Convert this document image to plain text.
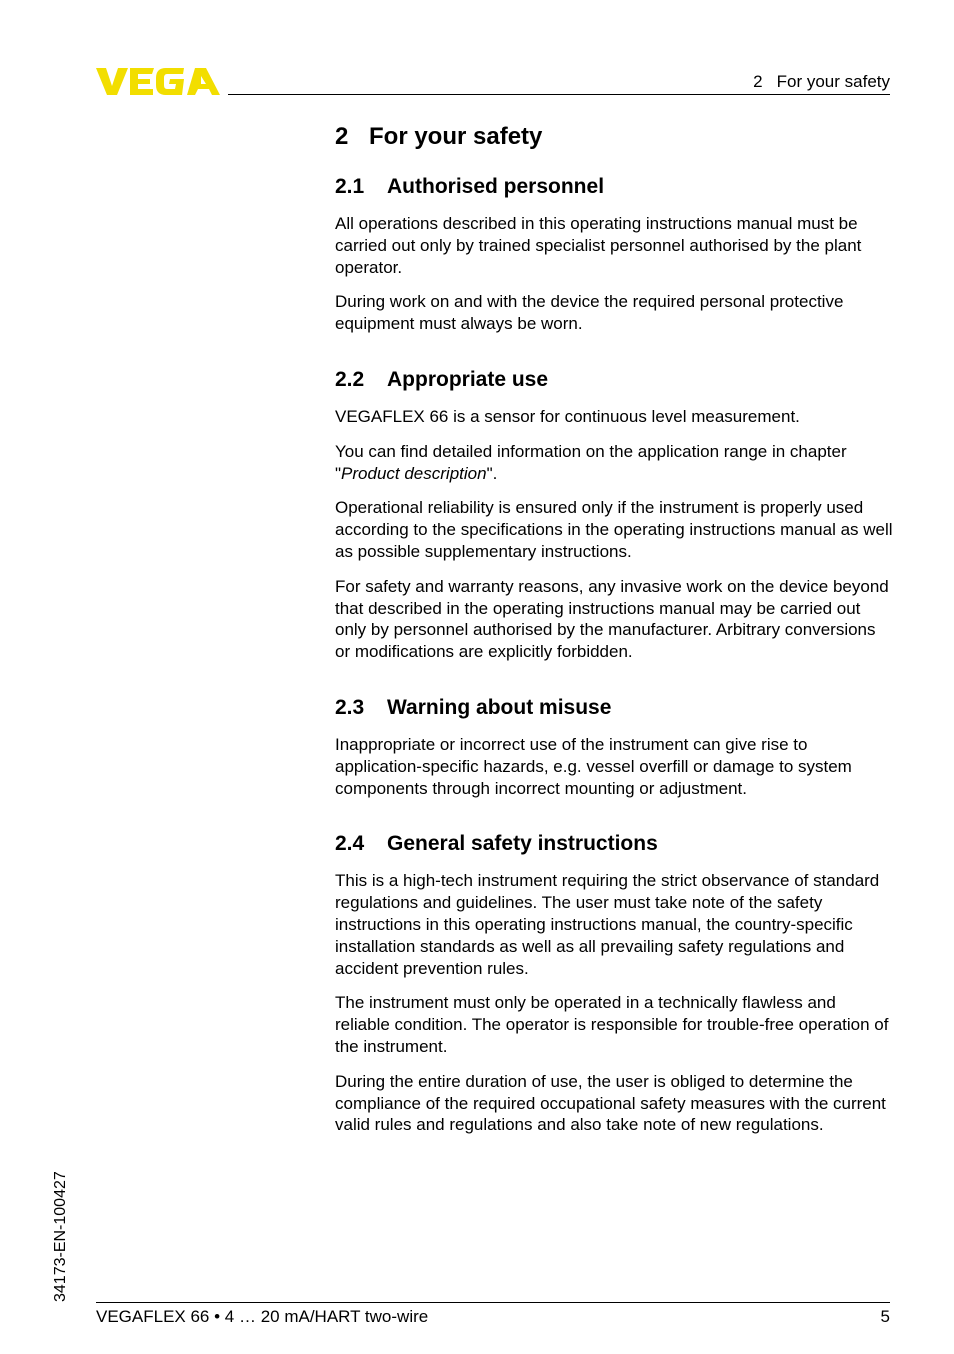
2 For your safety
2 For your safety
2.1 Authorised personnel

All operations described in this operating instructions manual must be carried out only by trained specialist personnel authorised by the plant operator.

During work on and with the device the required personal protective equipment must always be worn.

2.2 Appropriate use

VEGAFLEX 66 is a sensor for continuous level measurement.

You can find detailed information on the application range in chapter "Product description".

Operational reliability is ensured only if the instrument is properly used according to the specifications in the operating instructions manual as well as possible supplementary instructions.

For safety and warranty reasons, any invasive work on the device beyond that described in the operating instructions manual may be carried out only by personnel authorised by the manufacturer. Arbitrary conversions or modifications are explicitly forbidden.

2.3 Warning about misuse

Inappropriate or incorrect use of the instrument can give rise to application-specific hazards, e.g. vessel overfill or damage to system components through incorrect mounting or adjustment.

2.4 General safety instructions

This is a high-tech instrument requiring the strict observance of standard regulations and guidelines. The user must take note of the safety instructions in this operating instructions manual, the country-specific installation standards as well as all prevailing safety regulations and accident prevention rules.

The instrument must only be operated in a technically flawless and reliable condition. The operator is responsible for trouble-free operation of the instrument.

During the entire duration of use, the user is obliged to determine the compliance of the required occupational safety measures with the current valid rules and regulations and also take note of new regulations.

34173-EN-100427
VEGAFLEX 66 • 4 … 20 mA/HART two-wire	5
